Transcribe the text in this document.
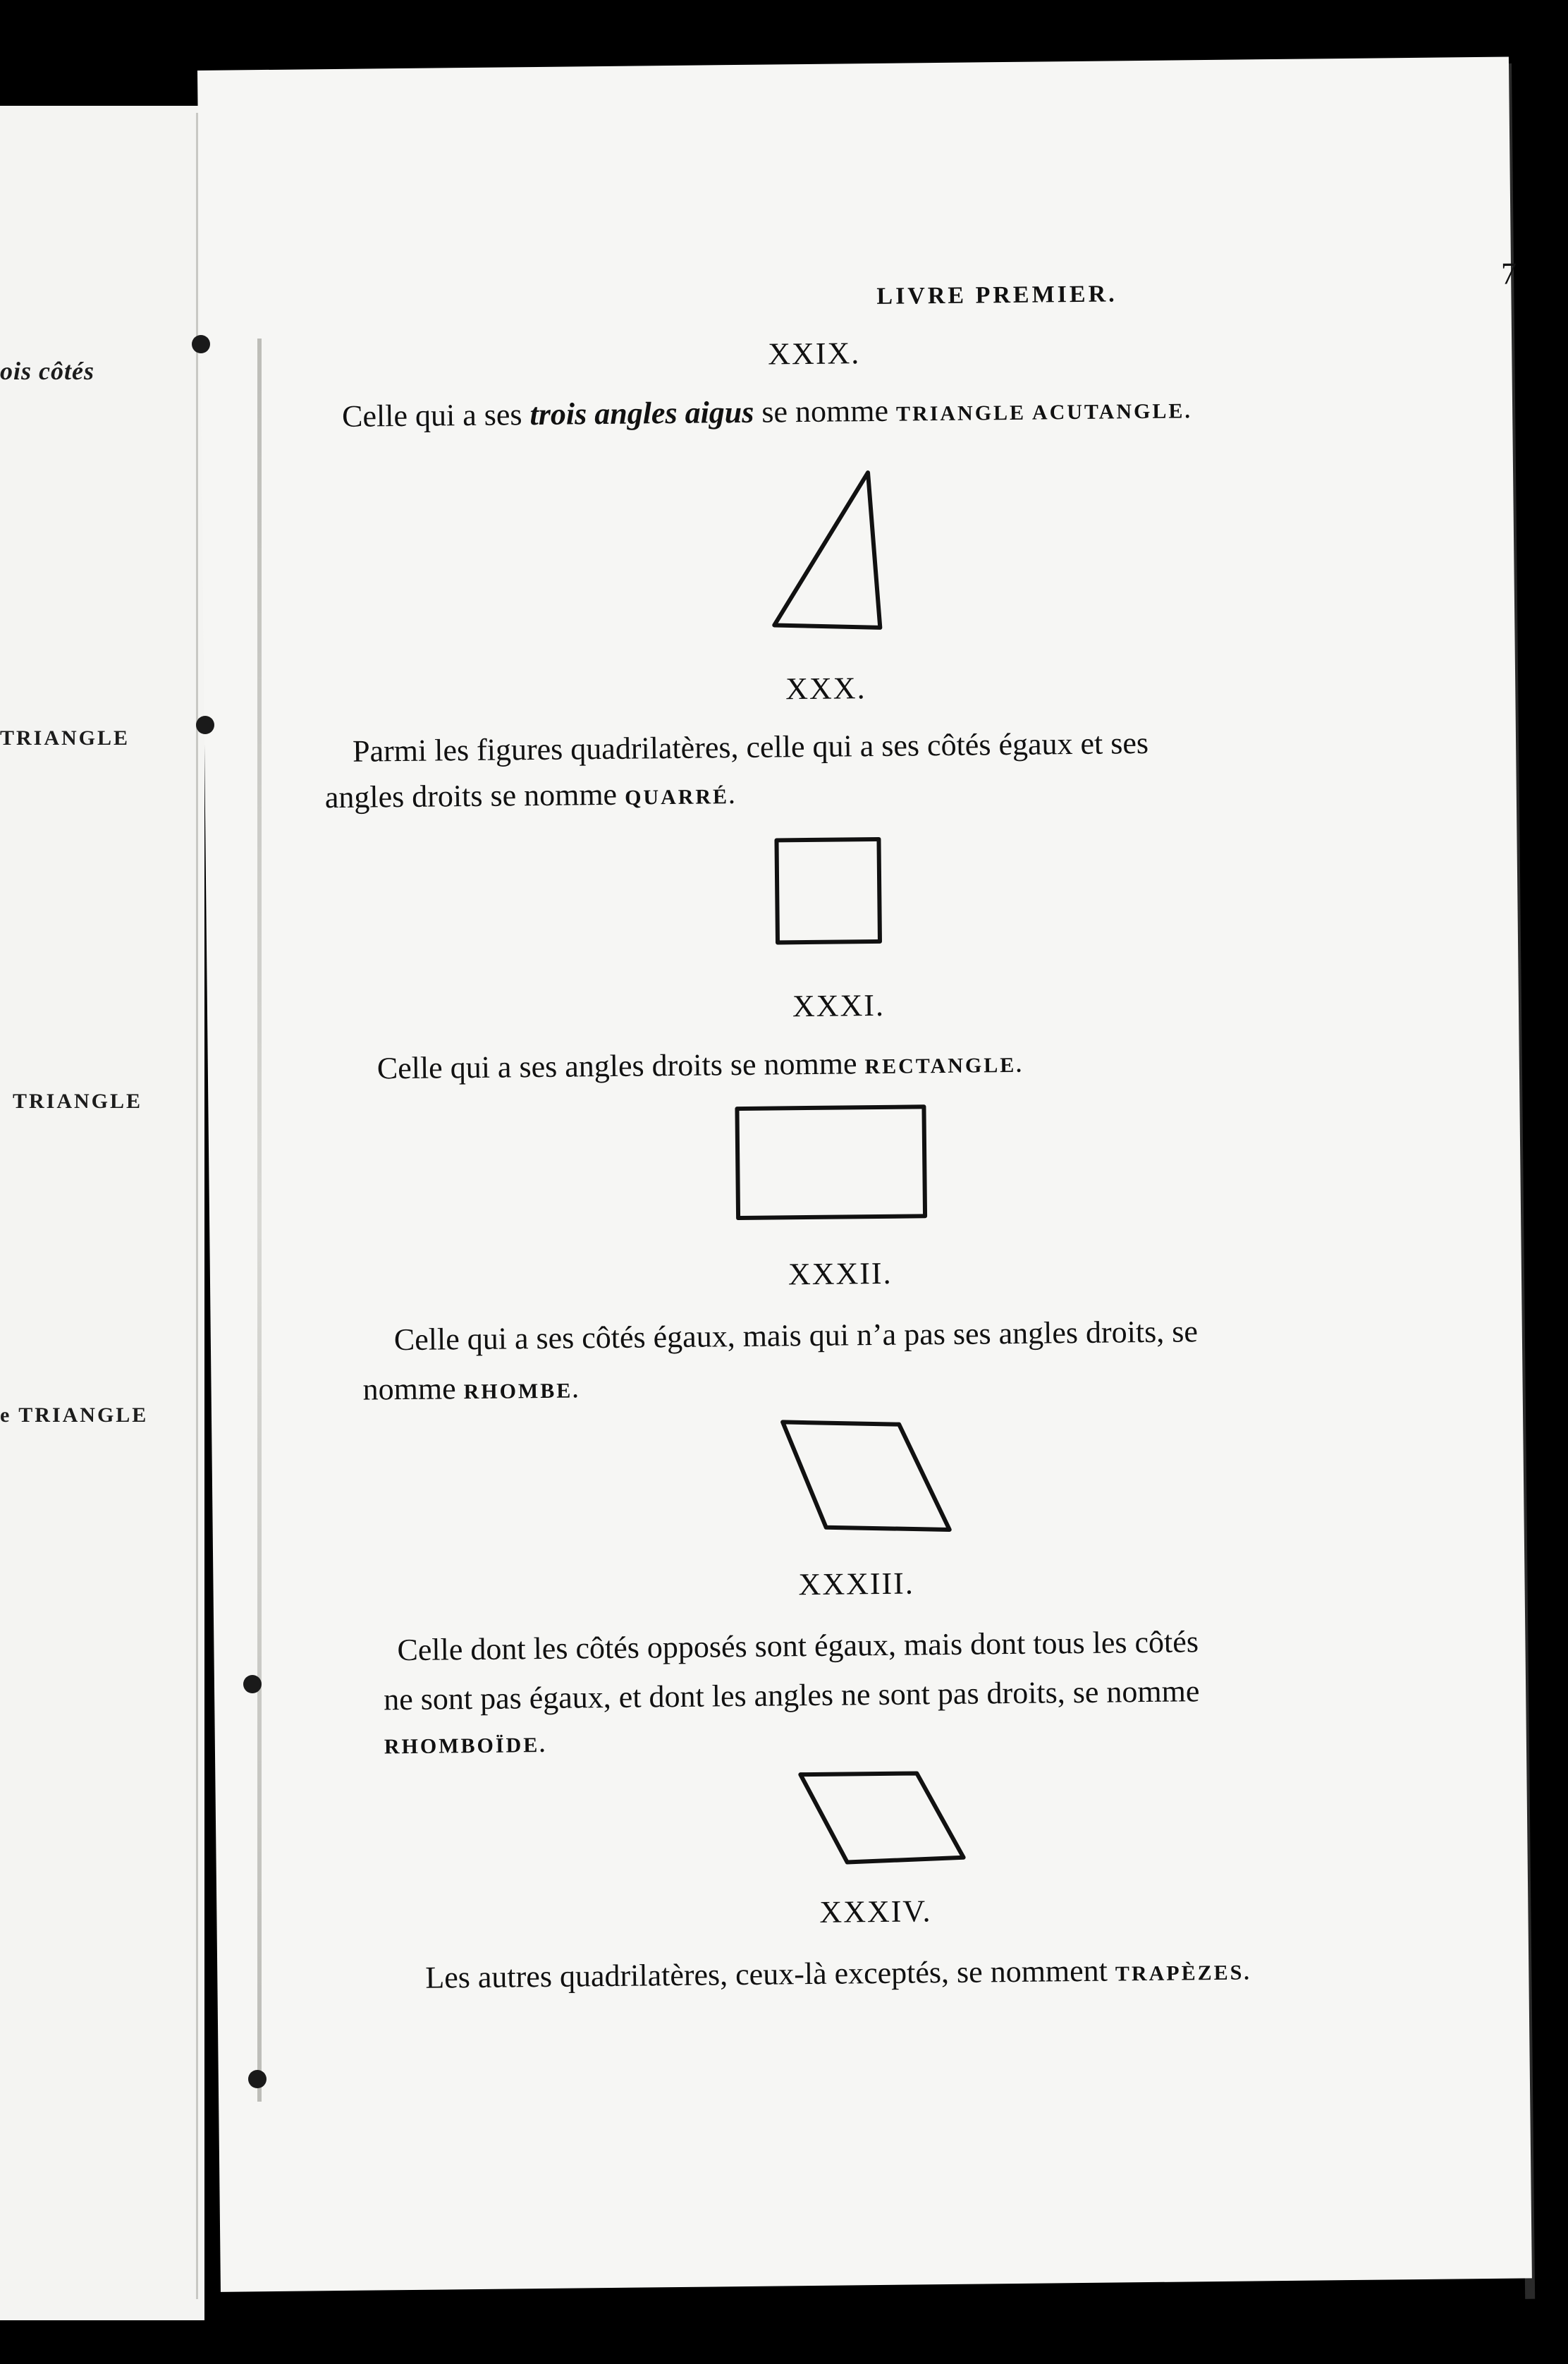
LIVRE PREMIER.
7
XXIX.
Celle qui a ses trois angles aigus se nomme TRIANGLE ACUTANGLE.
XXX.
Parmi les figures quadrilatères, celle qui a ses côtés égaux et ses
angles droits se nomme QUARRÉ.
XXXI.
Celle qui a ses angles droits se nomme RECTANGLE.
XXXII.
Celle qui a ses côtés égaux, mais qui n’a pas ses angles droits, se
nomme RHOMBE.
XXXIII.
Celle dont les côtés opposés sont égaux, mais dont tous les côtés
ne sont pas égaux, et dont les angles ne sont pas droits, se nomme
RHOMBOÏDE.
XXXIV.
Les autres quadrilatères, ceux-là exceptés, se nomment TRAPÈZES.
ois côtés
TRIANGLE
TRIANGLE
e TRIANGLE
